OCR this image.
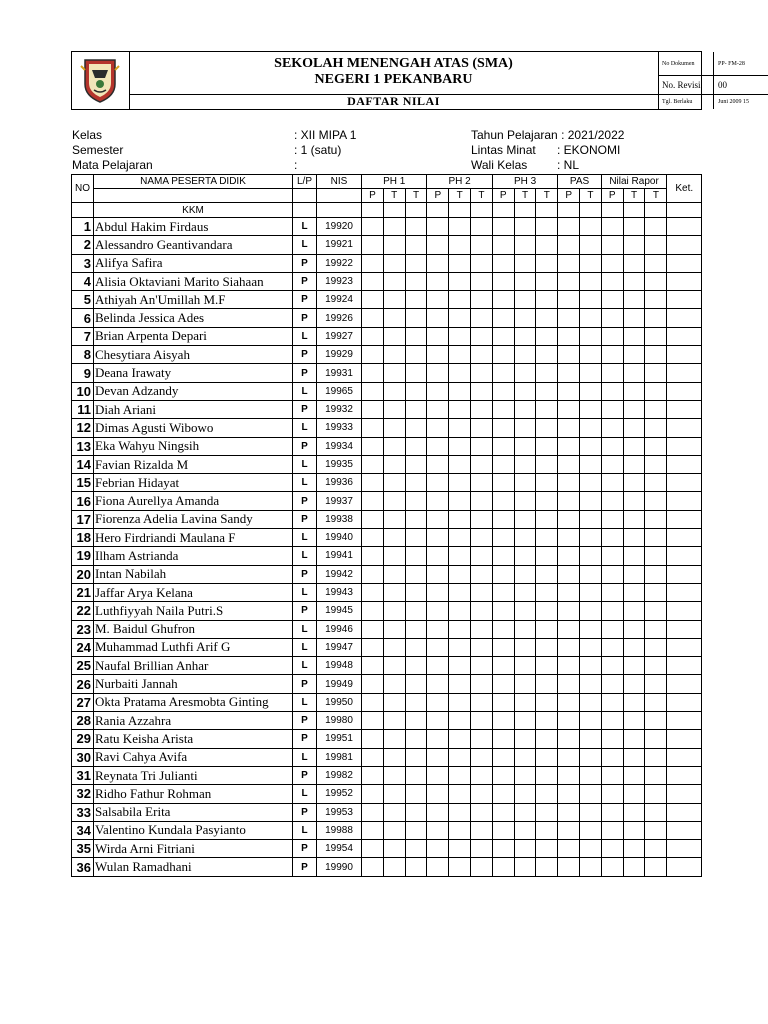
SEKOLAH MENENGAH ATAS (SMA)
NEGERI 1 PEKANBARU
DAFTAR NILAI
No Dokumen	PP- FM-28
No. Revisi	00
Tgl. Berlaku	Juni 2009 15
Kelas	: XII MIPA 1
Semester	: 1 (satu)
Mata Pelajaran	:
Tahun Pelajaran : 2021/2022
Lintas Minat : EKONOMI
Wali Kelas : NL
NO	NAMA PESERTA DIDIK	L/P	NIS	PH 1			PH 2			PH 3			PAS		Nilai Rapor			Ket.	
				P	T	T	P	T	T	P	T	T	P	T	P	T	T		
	KKM																		
1	Abdul Hakim Firdaus	L	19920																
2	Alessandro Geantivandara	L	19921																
3	Alifya Safira	P	19922																
4	Alisia Oktaviani Marito Siahaan	P	19923																
5	Athiyah An'Umillah M.F	P	19924																
6	Belinda Jessica Ades	P	19926																
7	Brian Arpenta Depari	L	19927																
8	Chesytiara Aisyah	P	19929																
9	Deana Irawaty	P	19931																
10	Devan Adzandy	L	19965																
11	Diah Ariani	P	19932																
12	Dimas Agusti Wibowo	L	19933																
13	Eka Wahyu Ningsih	P	19934																
14	Favian Rizalda M	L	19935																
15	Febrian Hidayat	L	19936																
16	Fiona Aurellya Amanda	P	19937																
17	Fiorenza Adelia Lavina Sandy	P	19938																
18	Hero Firdriandi Maulana F	L	19940																
19	Ilham Astrianda	L	19941																
20	Intan Nabilah	P	19942																
21	Jaffar Arya Kelana	L	19943																
22	Luthfiyyah Naila Putri.S	P	19945																
23	M. Baidul Ghufron	L	19946																
24	Muhammad Luthfi Arif G	L	19947																
25	Naufal Brillian Anhar	L	19948																
26	Nurbaiti Jannah	P	19949																
27	Okta Pratama Aresmobta Ginting	L	19950																
28	Rania Azzahra	P	19980																
29	Ratu Keisha Arista	P	19951																
30	Ravi Cahya Avifa	L	19981																
31	Reynata Tri Julianti	P	19982																
32	Ridho Fathur Rohman	L	19952																
33	Salsabila Erita	P	19953																
34	Valentino Kundala Pasyianto	L	19988																
35	Wirda Arni Fitriani	P	19954																
36	Wulan Ramadhani	P	19990																
